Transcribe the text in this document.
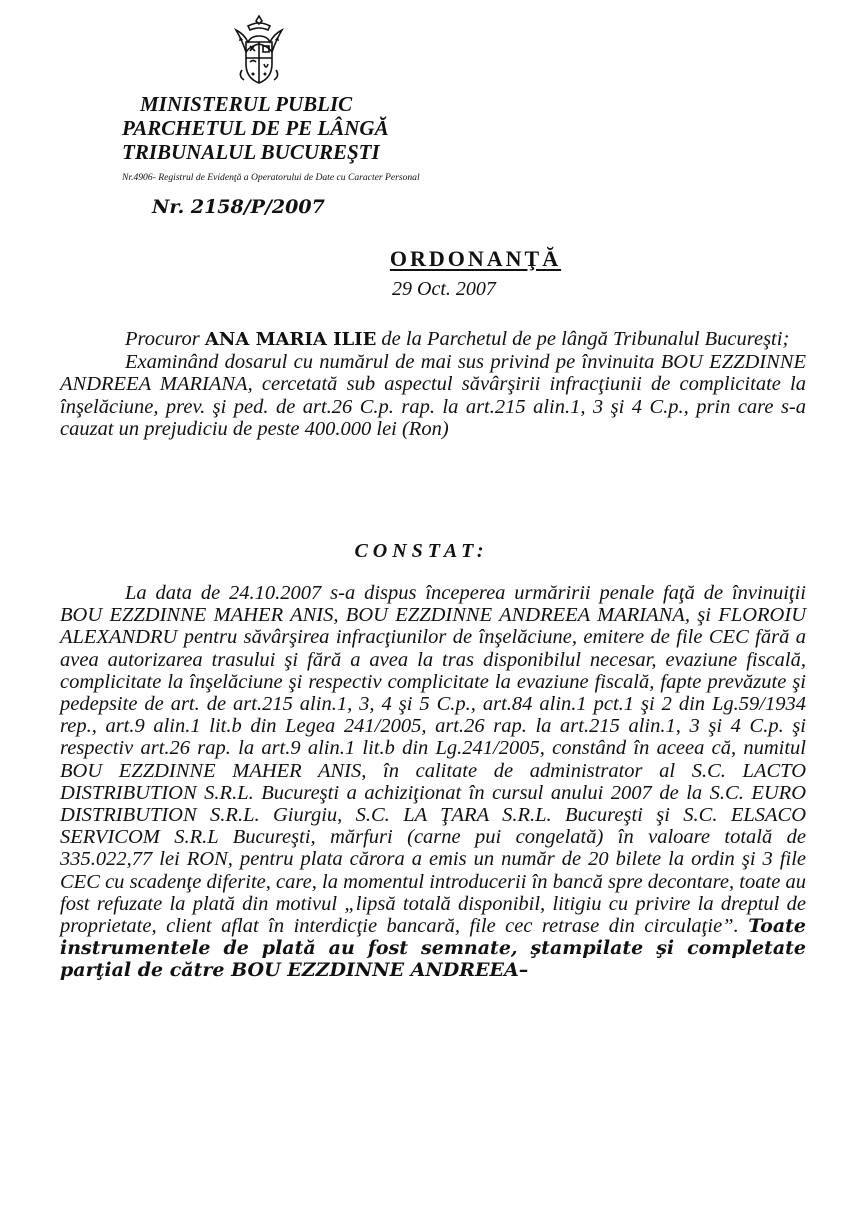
MINISTERUL PUBLIC
PARCHETUL DE PE LÂNGĂ
TRIBUNALUL BUCUREŞTI
Nr.4906- Registrul de Evidenţă a Operatorului de Date cu Caracter Personal
Nr. 2158/P/2007
ORDONANŢĂ
29 Oct. 2007
Procuror ANA MARIA ILIE de la Parchetul de pe lângă Tribunalul Bucureşti;
Examinând dosarul cu numărul de mai sus privind pe învinuita BOU EZZDINNE ANDREEA MARIANA, cercetată sub aspectul săvârşirii infracţiunii de complicitate la înşelăciune, prev. şi ped. de art.26 C.p. rap. la art.215 alin.1, 3 şi 4 C.p., prin care s-a cauzat un prejudiciu de peste 400.000 lei (Ron)
CONSTAT:
La data de 24.10.2007 s-a dispus începerea urmăririi penale faţă de învinuiţii BOU EZZDINNE MAHER ANIS, BOU EZZDINNE ANDREEA MARIANA, şi FLOROIU ALEXANDRU pentru săvârşirea infracţiunilor de înşelăciune, emitere de file CEC fără a avea autorizarea trasului şi fără a avea la tras disponibilul necesar, evaziune fiscală, complicitate la înşelăciune şi respectiv complicitate la evaziune fiscală, fapte prevăzute şi pedepsite de art. de art.215 alin.1, 3, 4 şi 5 C.p., art.84 alin.1 pct.1 şi 2 din Lg.59/1934 rep., art.9 alin.1 lit.b din Legea 241/2005, art.26 rap. la art.215 alin.1, 3 şi 4 C.p. şi respectiv art.26 rap. la art.9 alin.1 lit.b din Lg.241/2005, constând în aceea că, numitul BOU EZZDINNE MAHER ANIS, în calitate de administrator al S.C. LACTO DISTRIBUTION S.R.L. Bucureşti a achiziţionat în cursul anului 2007 de la S.C. EURO DISTRIBUTION S.R.L. Giurgiu, S.C. LA ŢARA S.R.L. Bucureşti şi S.C. ELSACO SERVICOM S.R.L Bucureşti, mărfuri (carne pui congelată) în valoare totală de 335.022,77 lei RON, pentru plata cărora a emis un număr de 20 bilete la ordin şi 3 file CEC cu scadenţe diferite, care, la momentul introducerii în bancă spre decontare, toate au fost refuzate la plată din motivul „lipsă totală disponibil, litigiu cu privire la dreptul de proprietate, client aflat în interdicţie bancară, file cec retrase din circulaţie”. Toate instrumentele de plată au fost semnate, ştampilate şi completate parţial de către BOU EZZDINNE ANDREEA–
